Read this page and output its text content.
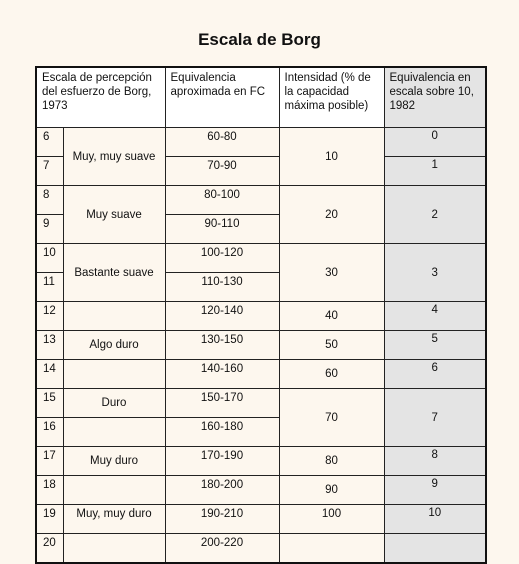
Escala de Borg
Escala de percepción del esfuerzo de Borg, 1973		Equivalencia aproximada en FC	Intensidad (% de la capacidad máxima posible)	Equivalencia en escala sobre 10, 1982
6	Muy, muy suave	60-80	10	0
7		70-90		1
8	Muy suave	80-100	20	2
9		90-110		
10	Bastante suave	100-120	30	3
11		110-130		
12		120-140	40	4
13	Algo duro	130-150	50	5
14		140-160	60	6
15	Duro	150-170	70	7
16		160-180		
17	Muy duro	170-190	80	8
18		180-200	90	9
19	Muy, muy duro	190-210	100	10
20		200-220		
